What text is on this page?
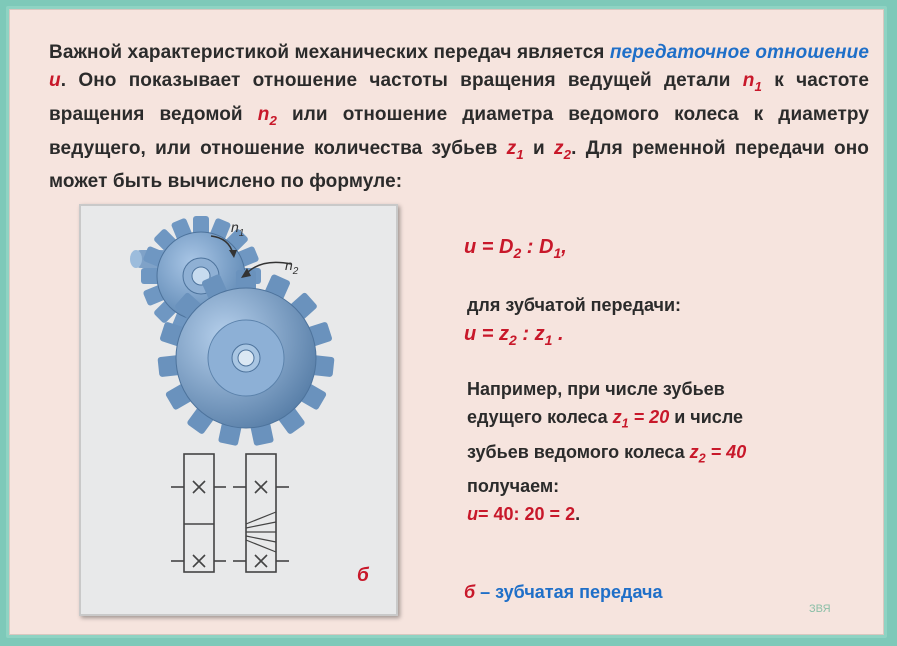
Важной характеристикой механических передач является передаточное отношение u. Оно показывает отношение частоты вращения ведущей детали $n_1$ к частоте вращения ведомой $n_2$ или отношение диаметра ведомого колеса к диаметру ведущего, или отношение количества зубьев $z_1$ и $z_2$. Для ременной передачи оно может быть вычислено по формуле:
$n_1$
$n_2$
б
$u = D_2$ : $D_1$,
для зубчатой передачи:
$u = z_2$ : $z_1$ .
Например, при числе зубьев
едущего колеса $z_1 = 20$ и числе
зубьев ведомого колеса $z_2 = 40$
получаем:
u= 40: 20 = 2.
б – зубчатая передача
ЗВЯ
